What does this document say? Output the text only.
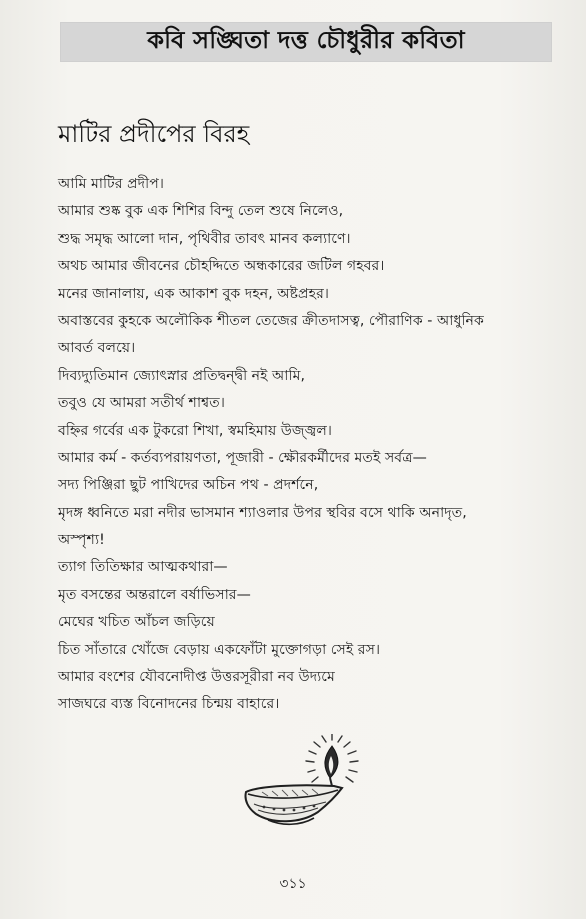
কবি সঙ্ঘিতা দত্ত চৌধুরীর কবিতা
মাটির প্রদীপের বিরহ
আমি মাটির প্রদীপ।
আমার শুষ্ক বুক এক শিশির বিন্দু তেল শুষে নিলেও,
শুদ্ধ সমৃদ্ধ আলো দান, পৃথিবীর তাবৎ মানব কল্যাণে।
অথচ আমার জীবনের চৌহদ্দিতে অন্ধকারের জটিল গহবর।
মনের জানালায়, এক আকাশ বুক দহন, অষ্টপ্রহর।
অবাস্তবের কুহকে অলৌকিক শীতল তেজের ক্রীতদাসত্ব, পৌরাণিক - আধুনিক
আবর্ত বলয়ে।
দিব্যদ্যুতিমান জ্যোৎস্নার প্রতিদ্বন্দ্বী নই আমি,
তবুও যে আমরা সতীর্থ শাশ্বত।
বহ্নির গর্বের এক টুকরো শিখা, স্বমহিমায় উজ্জ্বল।
আমার কর্ম - কর্তব্যপরায়ণতা, পূজারী - ক্ষৌরকর্মীদের মতই সর্বত্র—
সদ্য পিঞ্জিরা ছুট পাখিদের অচিন পথ - প্রদর্শনে,
মৃদঙ্গ ধ্বনিতে মরা নদীর ভাসমান শ্যাওলার উপর স্থবির বসে থাকি অনাদৃত,
অস্পৃশ্য!
ত্যাগ তিতিক্ষার আত্মকথারা—
মৃত বসন্তের অন্তরালে বর্ষাভিসার—
মেঘের খচিত আঁচল জড়িয়ে
চিত সাঁতারে খোঁজে বেড়ায় একফোঁটা মুক্তোগড়া সেই রস।
আমার বংশের যৌবনোদীপ্ত উত্তরসূরীরা নব উদ্যমে
সাজঘরে ব্যস্ত বিনোদনের চিন্ময় বাহারে।
৩১১
